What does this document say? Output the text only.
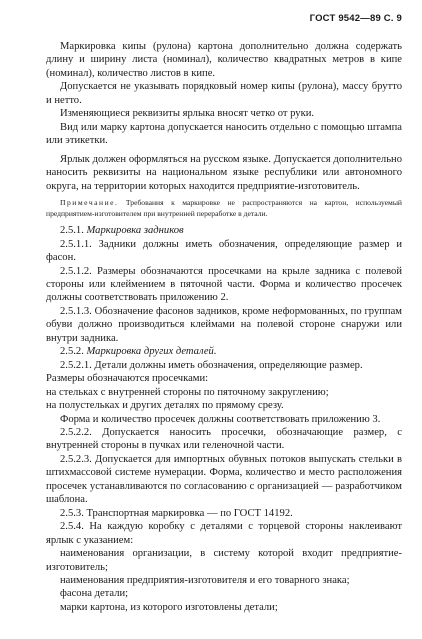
ГОСТ 9542—89 С. 9

Маркировка кипы (рулона) картона дополнительно должна содержать длину и ширину листа (номинал), количество квадратных метров в кипе (номинал), количество листов в кипе.

Допускается не указывать порядковый номер кипы (рулона), массу брутто и нетто.

Изменяющиеся реквизиты ярлыка вносят четко от руки.

Вид или марку картона допускается наносить отдельно с помощью штампа или этикетки.

Ярлык должен оформляться на русском языке. Допускается дополнительно наносить реквизиты на национальном языке республики или автономного округа, на территории которых находится предприятие-изготовитель.

Примечание. Требования к маркировке не распространяются на картон, используемый предприятием-изготовителем при внутренней переработке в детали.

2.5.1. Маркировка задников

2.5.1.1. Задники должны иметь обозначения, определяющие размер и фасон.

2.5.1.2. Размеры обозначаются просечками на крыле задника с полевой стороны или клеймением в пяточной части. Форма и количество просечек должны соответствовать приложению 2.

2.5.1.3. Обозначение фасонов задников, кроме неформованных, по группам обуви должно производиться клеймами на полевой стороне снаружи или внутри задника.

2.5.2. Маркировка других деталей.

2.5.2.1. Детали должны иметь обозначения, определяющие размер.

Размеры обозначаются просечками:

на стельках с внутренней стороны по пяточному закруглению;

на полустельках и других деталях по прямому срезу.

Форма и количество просечек должны соответствовать приложению 3.

2.5.2.2. Допускается наносить просечки, обозначающие размер, с внутренней стороны в пучках или геленочной части.

2.5.2.3. Допускается для импортных обувных потоков выпускать стельки в штихмассовой системе нумерации. Форма, количество и место расположения просечек устанавливаются по согласованию с организацией — разработчиком шаблона.

2.5.3. Транспортная маркировка — по ГОСТ 14192.

2.5.4. На каждую коробку с деталями с торцевой стороны наклеивают ярлык с указанием:

наименования организации, в систему которой входит предприятие-изготовитель;

наименования предприятия-изготовителя и его товарного знака;

фасона детали;

марки картона, из которого изготовлены детали;
